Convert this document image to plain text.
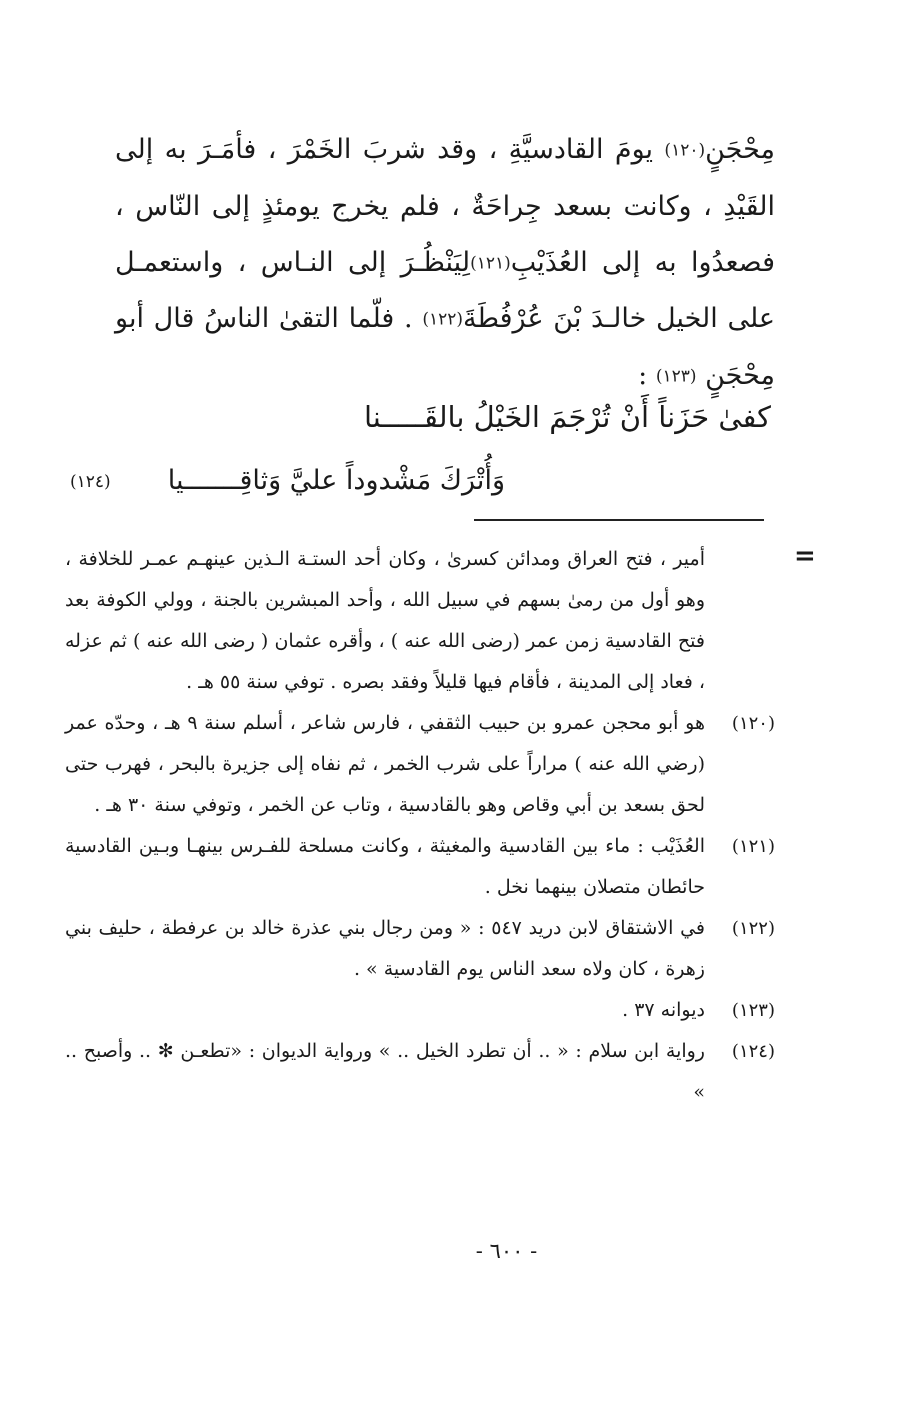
مِحْجَنٍ(١٢٠) يومَ القادسيَّةِ ، وقد شربَ الخَمْرَ ، فأمَـرَ به إلى القَيْدِ ، وكانت بسعد جِراحَةٌ ، فلم يخرج يومئذٍ إلى النّاس ، فصعدُوا به إلى العُذَيْبِ(١٢١)لِيَنْظُـرَ إلى النـاس ، واستعمـل على الخيل خالـدَ بْنَ عُرْفُطَةَ(١٢٢) . فلّما التقىٰ الناسُ قال أبو مِحْجَنٍ (١٢٣) :

كفىٰ حَزَناً أَنْ تُرْجَمَ الخَيْلُ بالقَـــــنا
وَأُتْرَكَ مَشْدوداً عليَّ وَثاقِـــــــيا
(١٢٤)
=

أمير ، فتح العراق ومدائن كسرىٰ ، وكان أحد الستـة الـذين عينهـم عمـر للخلافة ، وهو أول من رمىٰ بسهم في سبيل الله ، وأحد المبشرين بالجنة ، وولي الكوفة بعد فتح القادسية زمن عمر (رضى الله عنه ) ، وأقره عثمان ( رضى الله عنه ) ثم عزله ، فعاد إلى المدينة ، فأقام فيها قليلاً وفقد بصره . توفي سنة ٥٥ هـ .

(١٢٠)
هو أبو محجن عمرو بن حبيب الثقفي ، فارس شاعر ، أسلم سنة ٩ هـ ، وحدّه عمر (رضي الله عنه ) مراراً على شرب الخمر ، ثم نفاه إلى جزيرة بالبحر ، فهرب حتى لحق بسعد بن أبي وقاص وهو بالقادسية ، وتاب عن الخمر ، وتوفي سنة ٣٠ هـ .

(١٢١)
العُذَيْب : ماء بين القادسية والمغيثة ، وكانت مسلحة للفـرس بينهـا وبـين القادسية حائطان متصلان بينهما نخل .

(١٢٢)
في الاشتقاق لابن دريد ٥٤٧ : « ومن رجال بني عذرة خالد بن عرفطة ، حليف بني زهرة ، كان ولاه سعد الناس يوم القادسية » .

(١٢٣)
ديوانه ٣٧ .

(١٢٤)
رواية ابن سلام : « .. أن تطرد الخيل .. » ورواية الديوان : «تطعـن ✻ .. وأصبح .. »

- ٦٠٠ -
